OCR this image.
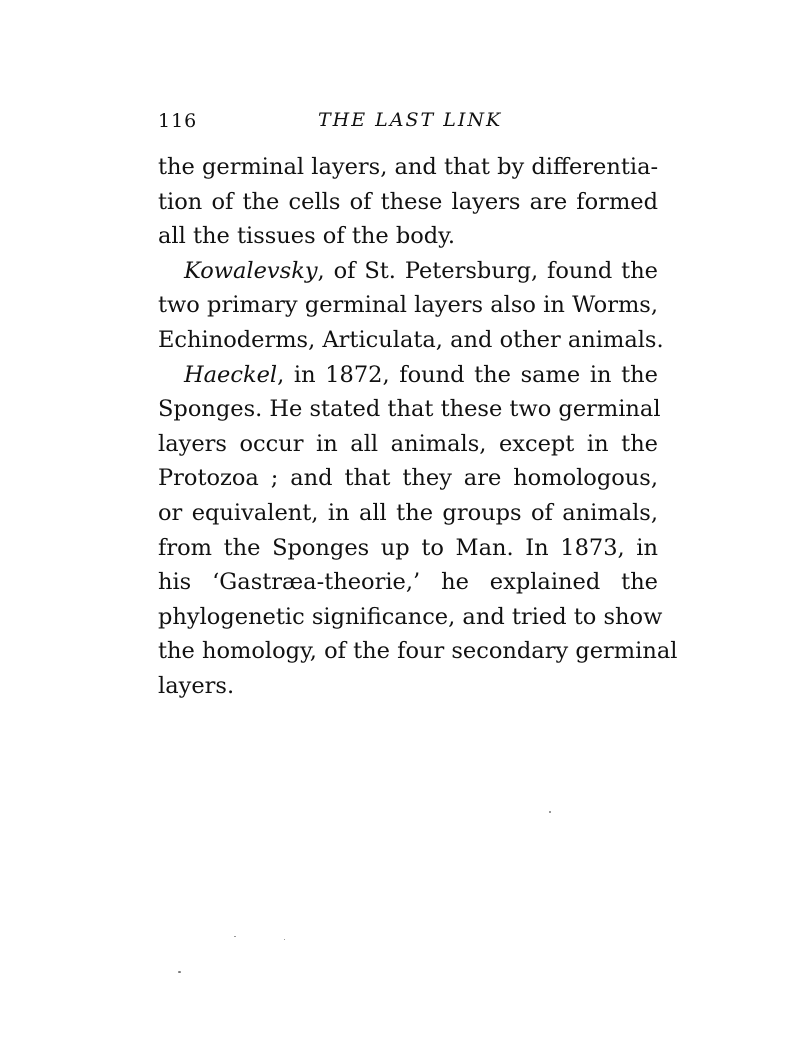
116	THE LAST LINK
the germinal layers, and that by differentia-
tion of the cells of these layers are formed
all the tissues of the body.
Kowalevsky, of St. Petersburg, found the
two primary germinal layers also in Worms,
Echinoderms, Articulata, and other animals.
Haeckel, in 1872, found the same in the
Sponges. He stated that these two germinal
layers occur in all animals, except in the
Protozoa ; and that they are homologous,
or equivalent, in all the groups of animals,
from the Sponges up to Man. In 1873, in
his ‘Gastræa-theorie,’ he explained the
phylogenetic significance, and tried to show
the homology, of the four secondary germinal
layers.
